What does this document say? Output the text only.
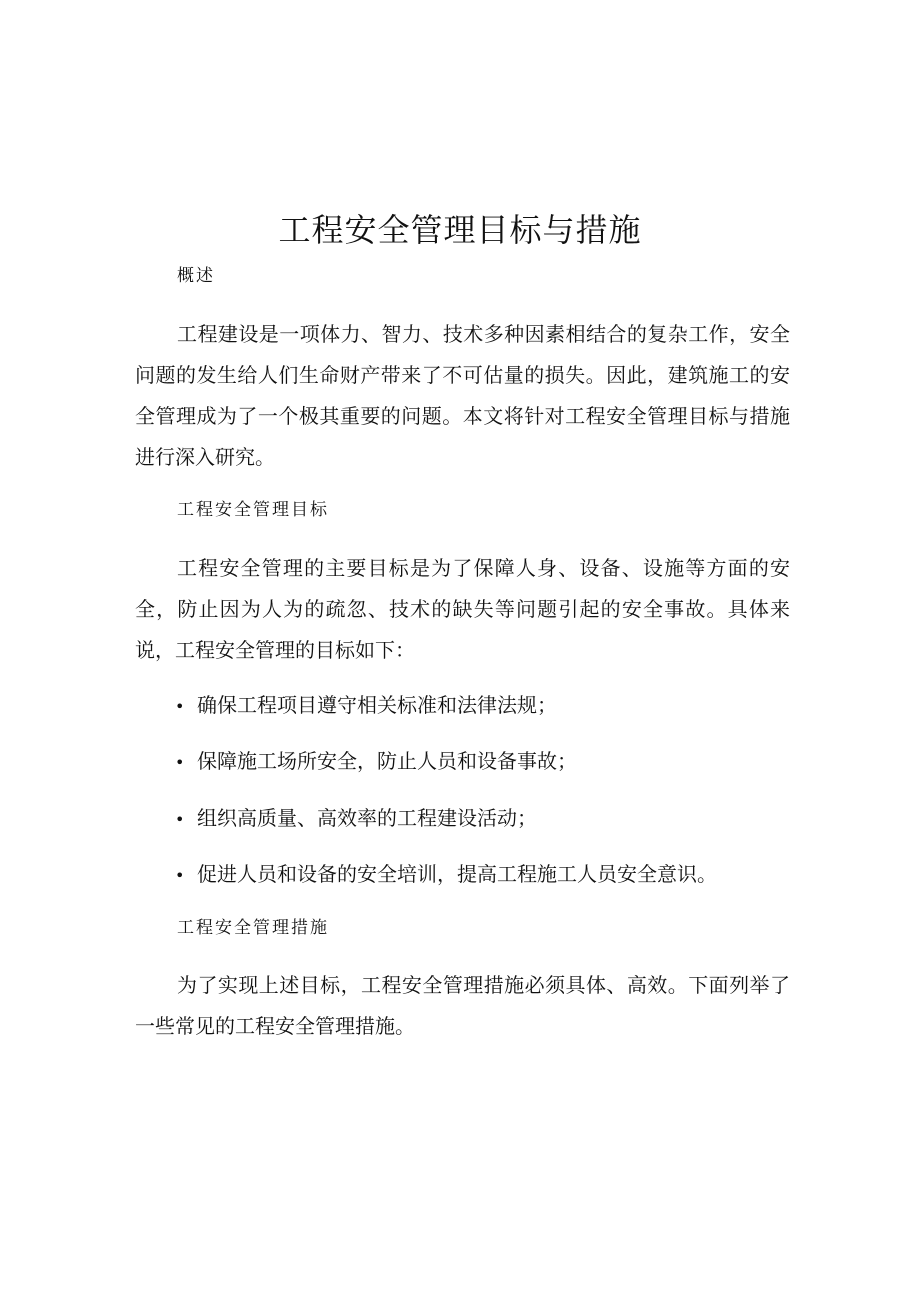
工程安全管理目标与措施
概述

工程建设是一项体力、智力、技术多种因素相结合的复杂工作，安全问题的发生给人们生命财产带来了不可估量的损失。因此，建筑施工的安全管理成为了一个极其重要的问题。本文将针对工程安全管理目标与措施进行深入研究。

工程安全管理目标

工程安全管理的主要目标是为了保障人身、设备、设施等方面的安全，防止因为人为的疏忽、技术的缺失等问题引起的安全事故。具体来说，工程安全管理的目标如下：

• 确保工程项目遵守相关标准和法律法规；
• 保障施工场所安全，防止人员和设备事故；
• 组织高质量、高效率的工程建设活动；
• 促进人员和设备的安全培训，提高工程施工人员安全意识。
工程安全管理措施

为了实现上述目标，工程安全管理措施必须具体、高效。下面列举了一些常见的工程安全管理措施。
